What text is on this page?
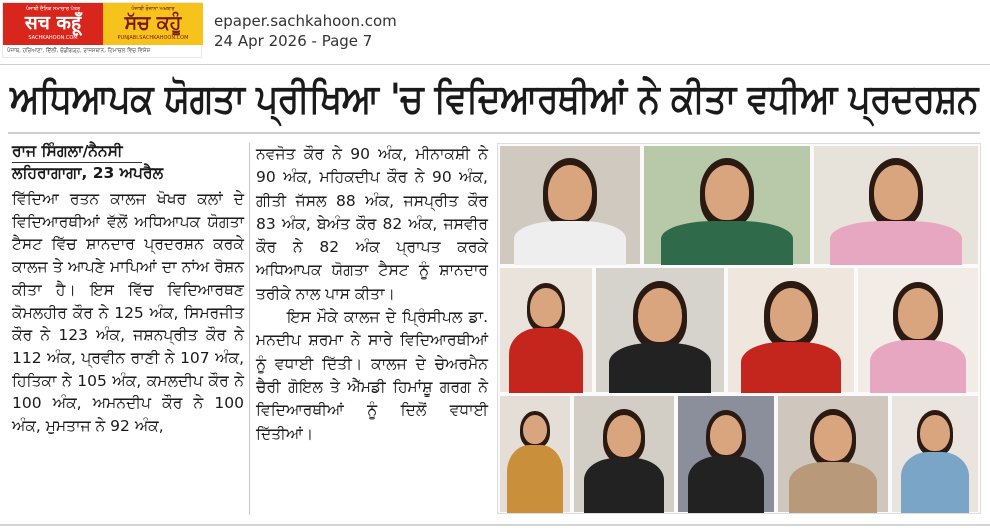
ਪੰਜਾਬੀ ਦੈਨਿਕ ਸਮਾਚਾਰ ਪੱਤਰ
सच कहूँ
SACHKAHOON.COM
ਪੰਜਾਬੀ ਰੋਜ਼ਾਨਾ ਅਖ਼ਬਾਰ
ਸੱਚ ਕਹੂੰ
PUNJABI.SACHKAHOON.COM
ਪੰਜਾਬ, ਹਰਿਆਣਾ, ਦਿੱਲੀ, ਚੰਡੀਗੜ੍ਹ, ਰਾਜਸਥਾਨ, ਹਿਮਾਚਲ ਵਿਚ ਵਿਸ਼ੇਸ਼
epaper.sachkahoon.com
24 Apr 2026 - Page 7
ਅਧਿਆਪਕ ਯੋਗਤਾ ਪ੍ਰੀਖਿਆ 'ਚ ਵਿਦਿਆਰਥੀਆਂ ਨੇ ਕੀਤਾ ਵਧੀਆ ਪ੍ਰਦਰਸ਼ਨ
ਰਾਜ ਸਿੰਗਲਾ/ਨੈਨਸੀ
ਲਹਿਰਾਗਾਗਾ, 23 ਅਪਰੈਲ
ਵਿੱਦਿਆ ਰਤਨ ਕਾਲਜ ਖੋਖਰ ਕਲਾਂ ਦੇ ਵਿਦਿਆਰਥੀਆਂ ਵੱਲੋਂ ਅਧਿਆਪਕ ਯੋਗਤਾ ਟੈਸਟ ਵਿੱਚ ਸ਼ਾਨਦਾਰ ਪ੍ਰਦਰਸ਼ਨ ਕਰਕੇ ਕਾਲਜ ਤੇ ਆਪਣੇ ਮਾਪਿਆਂ ਦਾ ਨਾਂਅ ਰੋਸ਼ਨ ਕੀਤਾ ਹੈ। ਇਸ ਵਿੱਚ ਵਿਦਿਆਰਥਣ ਕੋਮਲਹੀਰ ਕੌਰ ਨੇ 125 ਅੰਕ, ਸਿਮਰਜੀਤ ਕੌਰ ਨੇ 123 ਅੰਕ, ਜਸ਼ਨਪ੍ਰੀਤ ਕੌਰ ਨੇ 112 ਅੰਕ, ਪ੍ਰਵੀਨ ਰਾਣੀ ਨੇ 107 ਅੰਕ, ਹਿਤਿਕਾ ਨੇ 105 ਅੰਕ, ਕਮਲਦੀਪ ਕੌਰ ਨੇ 100 ਅੰਕ, ਅਮਨਦੀਪ ਕੌਰ ਨੇ 100 ਅੰਕ, ਮੁਮਤਾਜ ਨੇ 92 ਅੰਕ,
ਨਵਜੋਤ ਕੌਰ ਨੇ 90 ਅੰਕ, ਮੀਨਾਕਸ਼ੀ ਨੇ 90 ਅੰਕ, ਮਹਿਕਦੀਪ ਕੌਰ ਨੇ 90 ਅੰਕ, ਗੀਤੀ ਜੱਸਲ 88 ਅੰਕ, ਜਸਪ੍ਰੀਤ ਕੌਰ 83 ਅੰਕ, ਬੇਅੰਤ ਕੌਰ 82 ਅੰਕ, ਜਸਵੀਰ ਕੌਰ ਨੇ 82 ਅੰਕ ਪ੍ਰਾਪਤ ਕਰਕੇ ਅਧਿਆਪਕ ਯੋਗਤਾ ਟੈਸਟ ਨੂੰ ਸ਼ਾਨਦਾਰ ਤਰੀਕੇ ਨਾਲ ਪਾਸ ਕੀਤਾ।
ਇਸ ਮੌਕੇ ਕਾਲਜ ਦੇ ਪ੍ਰਿੰਸੀਪਲ ਡਾ. ਮਨਦੀਪ ਸ਼ਰਮਾ ਨੇ ਸਾਰੇ ਵਿਦਿਆਰਥੀਆਂ ਨੂੰ ਵਧਾਈ ਦਿੱਤੀ। ਕਾਲਜ ਦੇ ਚੇਅਰਮੈਨ ਚੈਰੀ ਗੋਇਲ ਤੇ ਐੱਮਡੀ ਹਿਮਾਂਸ਼ੂ ਗਰਗ ਨੇ ਵਿਦਿਆਰਥੀਆਂ ਨੂੰ ਦਿਲੋਂ ਵਧਾਈ ਦਿੱਤੀਆਂ।
